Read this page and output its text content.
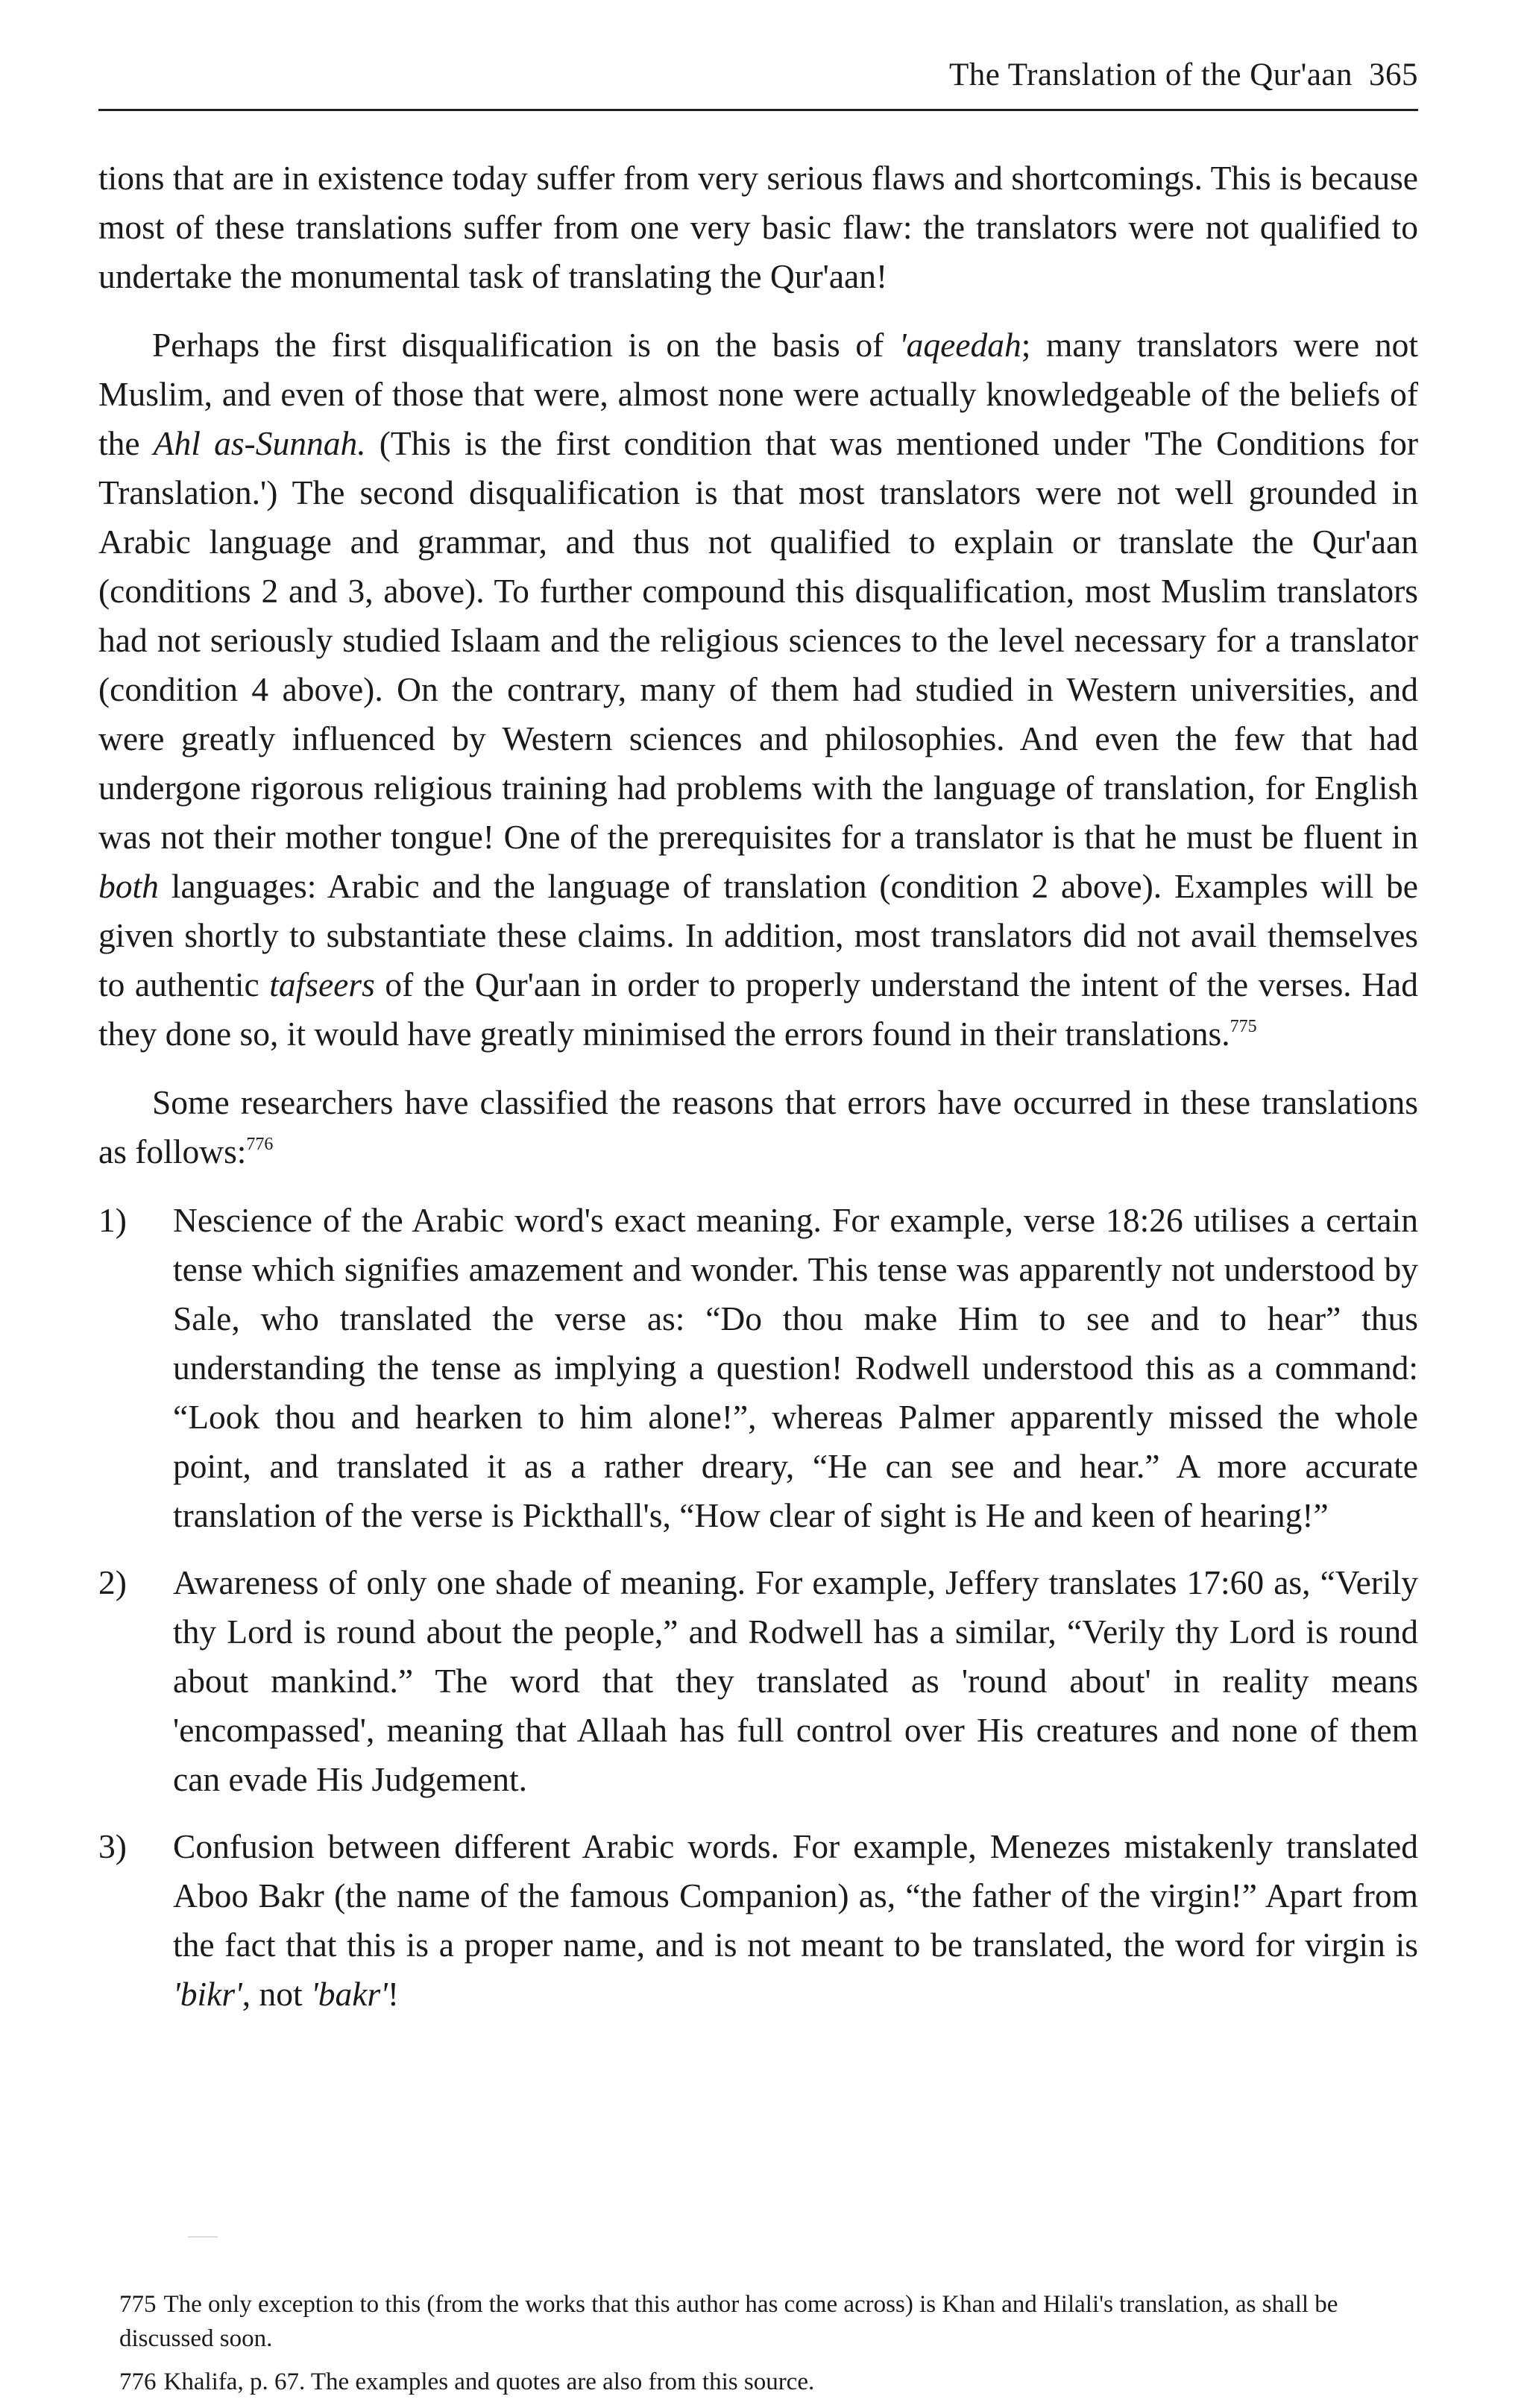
The Translation of the Qur'aan 365

tions that are in existence today suffer from very serious flaws and shortcomings. This is because most of these translations suffer from one very basic flaw: the translators were not qualified to undertake the monumental task of translating the Qur'aan!

Perhaps the first disqualification is on the basis of 'aqeedah; many translators were not Muslim, and even of those that were, almost none were actually knowledgeable of the beliefs of the Ahl as-Sunnah. (This is the first condition that was mentioned under 'The Conditions for Translation.') The second disqualification is that most translators were not well grounded in Arabic language and grammar, and thus not qualified to explain or translate the Qur'aan (conditions 2 and 3, above). To further compound this disqualification, most Muslim translators had not seriously studied Islaam and the religious sciences to the level necessary for a translator (condition 4 above). On the contrary, many of them had studied in Western universities, and were greatly influenced by Western sciences and philosophies. And even the few that had undergone rigorous religious training had problems with the language of translation, for English was not their mother tongue! One of the prerequisites for a translator is that he must be fluent in both languages: Arabic and the language of translation (condition 2 above). Examples will be given shortly to substantiate these claims. In addition, most translators did not avail themselves to authentic tafseers of the Qur'aan in order to properly understand the intent of the verses. Had they done so, it would have greatly minimised the errors found in their translations.$^{775}$

Some researchers have classified the reasons that errors have occurred in these translations as follows:$^{776}$

1) Nescience of the Arabic word's exact meaning. For example, verse 18:26 utilises a certain tense which signifies amazement and wonder. This tense was apparently not understood by Sale, who translated the verse as: “Do thou make Him to see and to hear” thus understanding the tense as implying a question! Rodwell understood this as a command: “Look thou and hearken to him alone!”, whereas Palmer apparently missed the whole point, and translated it as a rather dreary, “He can see and hear.” A more accurate translation of the verse is Pickthall's, “How clear of sight is He and keen of hearing!”

2) Awareness of only one shade of meaning. For example, Jeffery translates 17:60 as, “Verily thy Lord is round about the people,” and Rodwell has a similar, “Verily thy Lord is round about mankind.” The word that they translated as 'round about' in reality means 'encompassed', meaning that Allaah has full control over His creatures and none of them can evade His Judgement.

3) Confusion between different Arabic words. For example, Menezes mistakenly translated Aboo Bakr (the name of the famous Companion) as, “the father of the virgin!” Apart from the fact that this is a proper name, and is not meant to be translated, the word for virgin is 'bikr', not 'bakr'!

775 The only exception to this (from the works that this author has come across) is Khan and Hilali's translation, as shall be discussed soon.

776 Khalifa, p. 67. The examples and quotes are also from this source.
